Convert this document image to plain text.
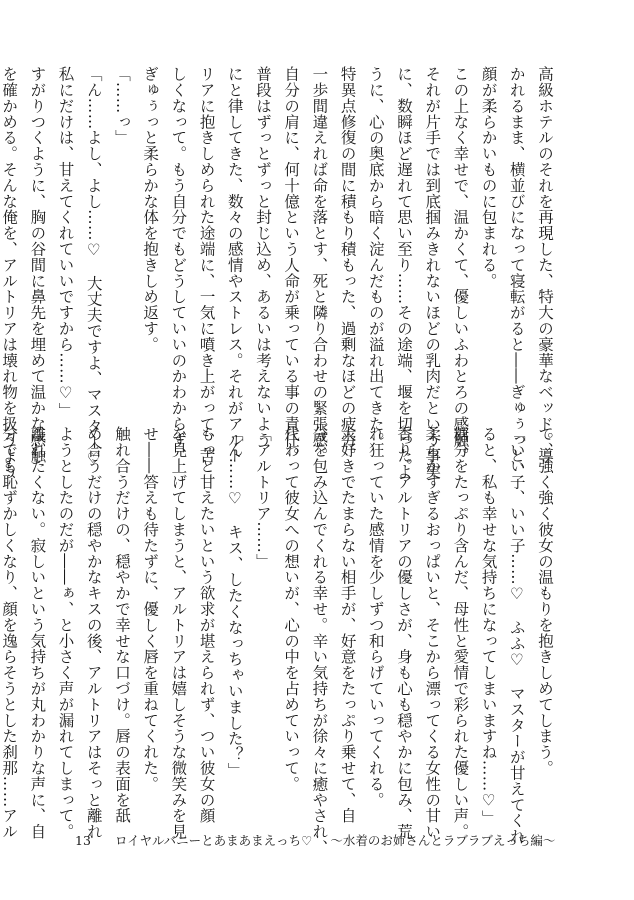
高級ホテルのそれを再現した、特大の豪華なベッド。導
かれるまま、横並びになって寝転がると――ぎゅぅっと、
顔が柔らかいものに包まれる。
この上なく幸せで、温かくて、優しいふわとろの感触。
それが片手では到底掴みきれないほどの乳肉だという事実
に、数瞬ほど遅れて思い至り……その途端、堰を切ったよ
うに、心の奥底から暗く淀んだものが溢れ出てきた。
特異点修復の間に積もり積もった、過剰なほどの疲労。
一歩間違えれば命を落とす、死と隣り合わせの緊張感。
自分の肩に、何十億という人命が乗っている事の責任。
普段はずっとずっと封じ込め、あるいは考えないよう
にと律してきた、数々の感情やストレス。それがアルト
リアに抱きしめられた途端に、一気に噴き上がって、苦
しくなって。もう自分でもどうしていいのかわからず、
ぎゅぅっと柔らかな体を抱きしめ返す。
「……っ」
「ん……よし、よし……♡　大丈夫ですよ、マスター♡
私にだけは、甘えてくれていいですから……♡」
すがりつくように、胸の谷間に鼻先を埋めて温かな感触
を確かめる。そんな俺を、アルトリアは壊れ物を扱うよう
て、強く強く彼女の温もりを抱きしめてしまう。
「いい子、いい子……♡　ふふ♡　マスターが甘えてくれ
ると、私も幸せな気持ちになってしまいますね……♡」
糖分をたっぷり含んだ、母性と愛情で彩られた優しい声。
柔らかすぎるおっぱいと、そこから漂ってくる女性の甘い
香り。アルトリアの優しさが、身も心も穏やかに包み、荒
れ狂っていた感情を少しずつ和らげていってくれる。
大好きでたまらない相手が、好意をたっぷり乗せて、自
分を包み込んでくれる幸せ。辛い気持ちが徐々に癒やされ、
代わって彼女への想いが、心の中を占めていって。
「アルトリア……」
「ん……♡　キス、したくなっちゃいました？」
もっと甘えたいという欲求が堪えられず、つい彼女の顔
を見上げてしまうと、アルトリアは嬉しそうな微笑みを見
せ――答えも待たずに、優しく唇を重ねてくれた。
触れ合うだけの、穏やかで幸せな口づけ。唇の表面を舐
め合うだけの穏やかなキスの後、アルトリアはそっと離れ
ようとしたのだが――ぁ、と小さく声が漏れてしまって。
離れたくない。寂しいという気持ちが丸わかりな声に、自
分でも恥ずかしくなり、顔を逸らそうとした刹那……アル
13 ロイヤルバニーとあまあまえっち♡ 〜水着のお姉さんとラブラブえっち編〜
